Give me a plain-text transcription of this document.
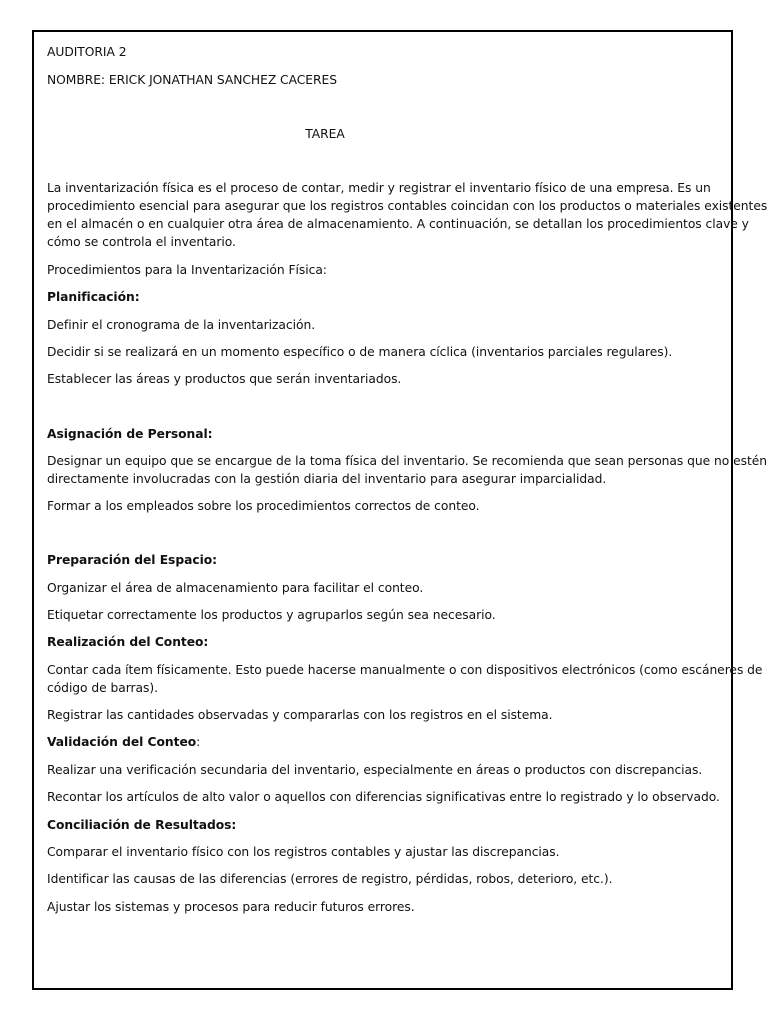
AUDITORIA 2
NOMBRE: ERICK JONATHAN SANCHEZ CACERES
TAREA
La inventarización física es el proceso de contar, medir y registrar el inventario físico de una empresa. Es un
procedimiento esencial para asegurar que los registros contables coincidan con los productos o materiales existentes
en el almacén o en cualquier otra área de almacenamiento. A continuación, se detallan los procedimientos clave y
cómo se controla el inventario.
Procedimientos para la Inventarización Física:
Planificación:
Definir el cronograma de la inventarización.
Decidir si se realizará en un momento específico o de manera cíclica (inventarios parciales regulares).
Establecer las áreas y productos que serán inventariados.
Asignación de Personal:
Designar un equipo que se encargue de la toma física del inventario. Se recomienda que sean personas que no estén
directamente involucradas con la gestión diaria del inventario para asegurar imparcialidad.
Formar a los empleados sobre los procedimientos correctos de conteo.
Preparación del Espacio:
Organizar el área de almacenamiento para facilitar el conteo.
Etiquetar correctamente los productos y agruparlos según sea necesario.
Realización del Conteo:
Contar cada ítem físicamente. Esto puede hacerse manualmente o con dispositivos electrónicos (como escáneres de
código de barras).
Registrar las cantidades observadas y compararlas con los registros en el sistema.
Validación del Conteo:
Realizar una verificación secundaria del inventario, especialmente en áreas o productos con discrepancias.
Recontar los artículos de alto valor o aquellos con diferencias significativas entre lo registrado y lo observado.
Conciliación de Resultados:
Comparar el inventario físico con los registros contables y ajustar las discrepancias.
Identificar las causas de las diferencias (errores de registro, pérdidas, robos, deterioro, etc.).
Ajustar los sistemas y procesos para reducir futuros errores.
